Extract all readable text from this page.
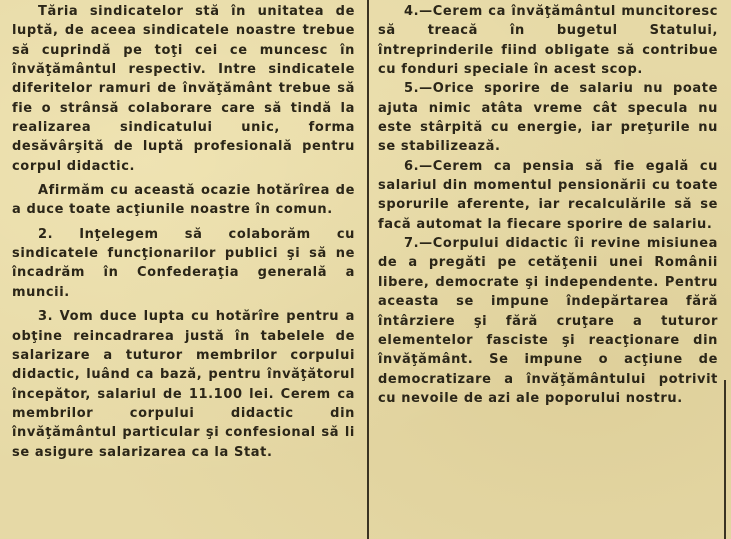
Tăria sindicatelor stă în unitatea de luptă, de aceea sindicatele noastre trebue să cuprindă pe toţi cei ce muncesc în învăţământul respectiv. Intre sindicatele diferitelor ramuri de învăţământ trebue să fie o strânsă colaborare care să tindă la realizarea sindicatului unic, forma desăvârşită de luptă profesională pentru corpul didactic.

Afirmăm cu această ocazie hotărîrea de a duce toate acţiunile noastre în comun.

2. Inţelegem să colaborăm cu sindicatele funcţionarilor publici şi să ne încadrăm în Confederaţia generală a muncii.

3. Vom duce lupta cu hotărîre pentru a obţine reincadrarea justă în tabelele de salarizare a tuturor membrilor corpului didactic, luând ca bază, pentru învăţătorul începător, salariul de 11.100 lei. Cerem ca membrilor corpului didactic din învăţământul particular şi confesional să li se asigure salarizarea ca la Stat.

4.—Cerem ca învăţământul muncitoresc să treacă în bugetul Statului, întreprinderile fiind obligate să contribue cu fonduri speciale în acest scop.

5.—Orice sporire de salariu nu poate ajuta nimic atâta vreme cât specula nu este stârpită cu energie, iar preţurile nu se stabilizează.

6.—Cerem ca pensia să fie egală cu salariul din momentul pensionării cu toate sporurile aferente, iar recalculările să se facă automat la fiecare sporire de salariu.

7.—Corpului didactic îi revine misiunea de a pregăti pe cetăţenii unei Românii libere, democrate şi independente. Pentru aceasta se impune îndepărtarea fără întârziere şi fără cruţare a tuturor elementelor fasciste şi reacţionare din învăţământ. Se impune o acţiune de democratizare a învăţământului potrivit cu nevoile de azi ale poporului nostru.
